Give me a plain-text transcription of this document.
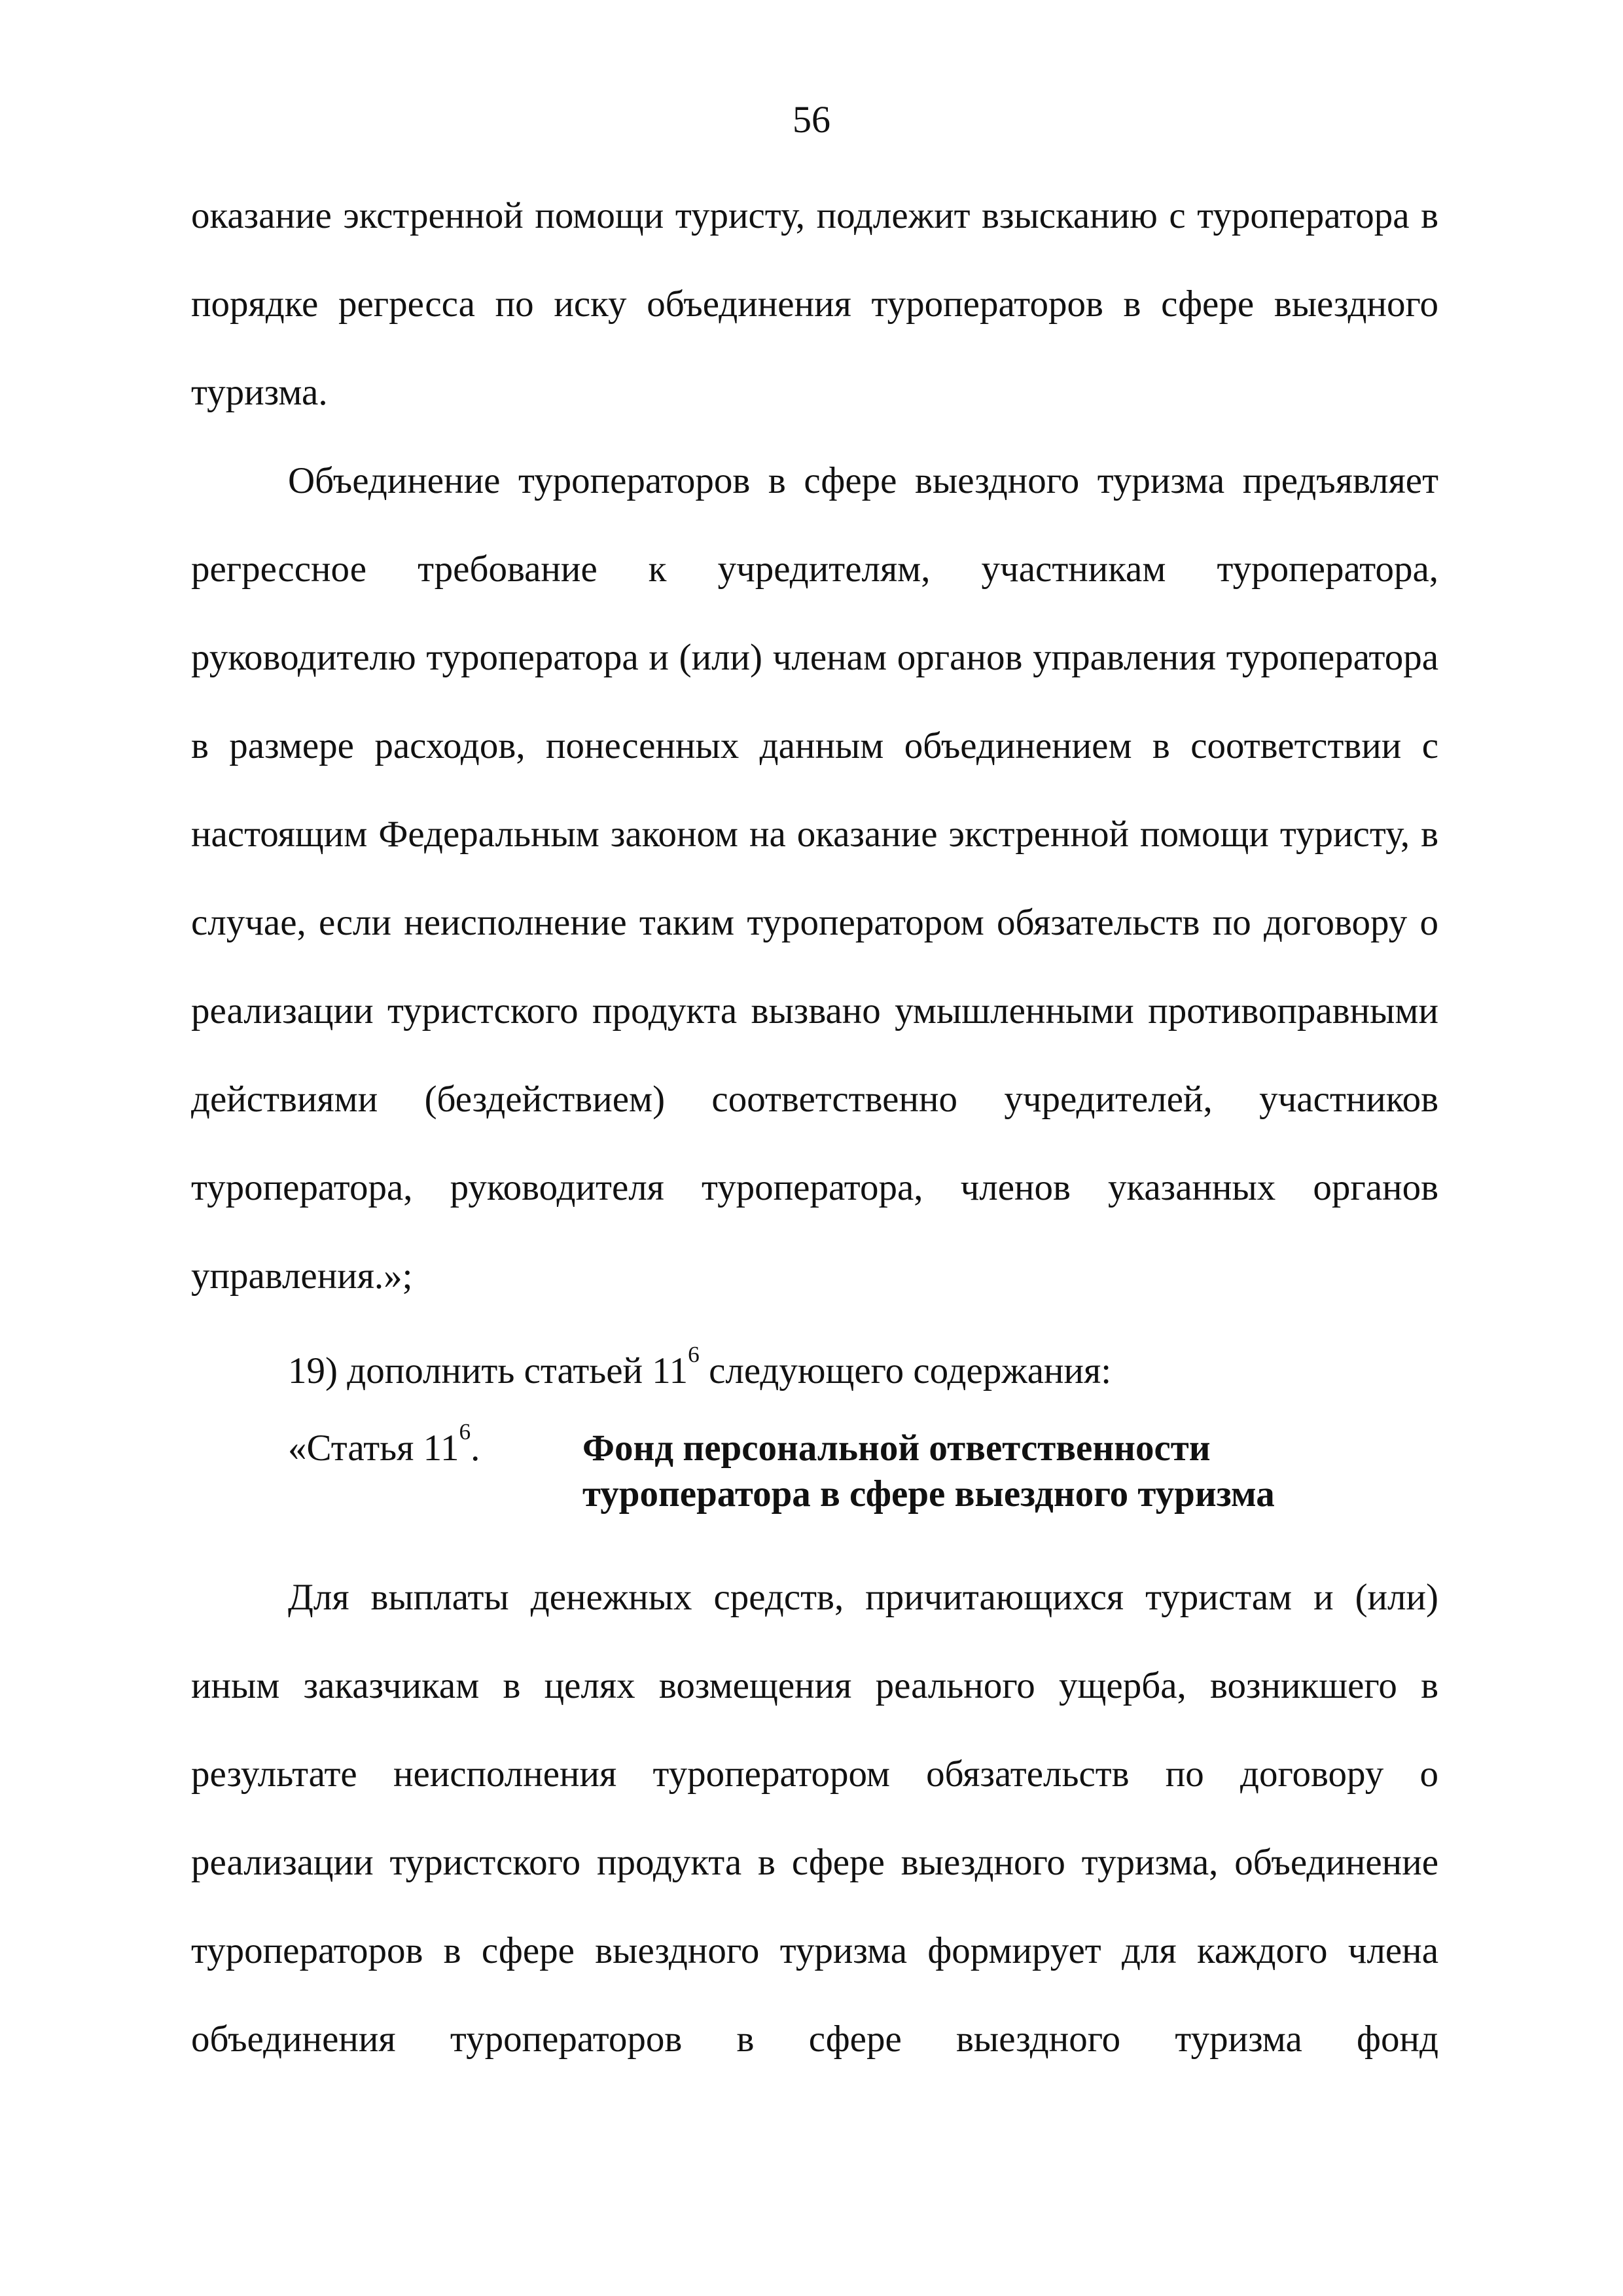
56

оказание экстренной помощи туристу, подлежит взысканию с туроператора в порядке регресса по иску объединения туроператоров в сфере выездного туризма.

Объединение туроператоров в сфере выездного туризма предъявляет регрессное требование к учредителям, участникам туроператора, руководителю туроператора и (или) членам органов управления туроператора в размере расходов, понесенных данным объединением в соответствии с настоящим Федеральным законом на оказание экстренной помощи туристу, в случае, если неисполнение таким туроператором обязательств по договору о реализации туристского продукта вызвано умышленными противоправными действиями (бездействием) соответственно учредителей, участников туроператора, руководителя туроператора, членов указанных органов управления.»;

19) дополнить статьей $11^6$ следующего содержания:

«Статья $11^6$.	Фонд персональной ответственности
туроператора в сфере выездного туризма

Для выплаты денежных средств, причитающихся туристам и (или) иным заказчикам в целях возмещения реального ущерба, возникшего в результате неисполнения туроператором обязательств по договору о реализации туристского продукта в сфере выездного туризма, объединение туроператоров в сфере выездного туризма формирует для каждого члена объединения туроператоров в сфере выездного туризма фонд
